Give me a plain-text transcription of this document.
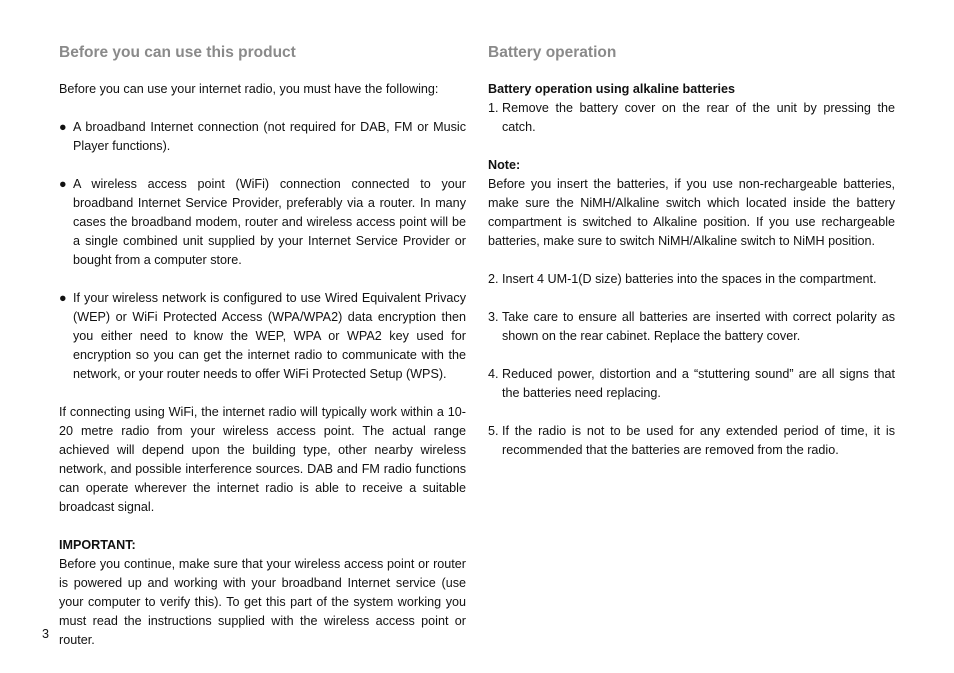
Before you can use this product

Before you can use your internet radio, you must have the following:

● A broadband Internet connection (not required for DAB, FM or Music Player functions).
● A wireless access point (WiFi) connection connected to your broadband Internet Service Provider, preferably via a router. In many cases the broadband modem, router and wireless access point will be a single combined unit supplied by your Internet Service Provider or bought from a computer store.
● If your wireless network is configured to use Wired Equivalent Privacy (WEP) or WiFi Protected Access (WPA/WPA2) data encryption then you either need to know the WEP, WPA or WPA2 key used for encryption so you can get the internet radio to communicate with the network, or your router needs to offer WiFi Protected Setup (WPS).

If connecting using WiFi, the internet radio will typically work within a 10-20 metre radio from your wireless access point. The actual range achieved will depend upon the building type, other nearby wireless network, and possible interference sources. DAB and FM radio functions can operate wherever the internet radio is able to receive a suitable broadcast signal.

IMPORTANT:

Before you continue, make sure that your wireless access point or router is powered up and working with your broadband Internet service (use your computer to verify this). To get this part of the system working you must read the instructions supplied with the wireless access point or router.

Battery operation

Battery operation using alkaline batteries

1. Remove the battery cover on the rear of the unit by pressing the catch.

Note:

Before you insert the batteries, if you use non-rechargeable batteries, make sure the NiMH/Alkaline switch which located inside the battery compartment is switched to Alkaline position. If you use rechargeable batteries, make sure to switch NiMH/Alkaline switch to NiMH position.

2. Insert 4 UM-1(D size) batteries into the spaces in the compartment.
3. Take care to ensure all batteries are inserted with correct polarity as shown on the rear cabinet. Replace the battery cover.
4. Reduced power, distortion and a “stuttering sound” are all signs that the batteries need replacing.
5. If the radio is not to be used for any extended period of time, it is recommended that the batteries are removed from the radio.
3
